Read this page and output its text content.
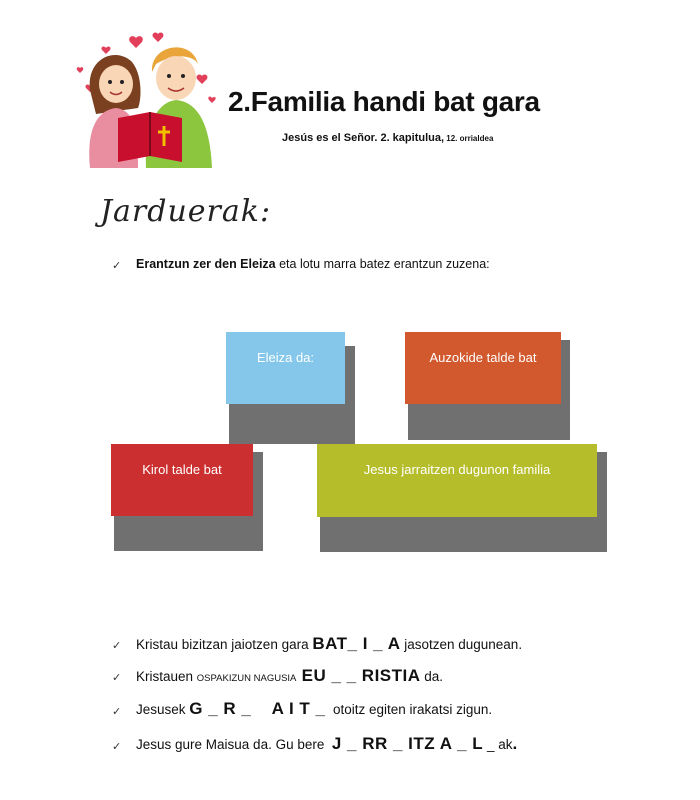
2.Familia handi bat gara
Jesús es el Señor. 2. kapitulua, 12. orrialdea
Jarduerak:
✓ Erantzun zer den Eleiza eta lotu marra batez erantzun zuzena:
Eleiza da:	Auzokide talde bat
Kirol talde bat	Jesus jarraitzen dugunon familia
✓ Kristau bizitzan jaiotzen gara BAT_ I _ A jasotzen dugunean.
✓ Kristauen OSPAKIZUN NAGUSIA EU _ _ RISTIA da.
✓ Jesusek G _ R _    A I T _  otoitz egiten irakatsi zigun.
✓ Jesus gure Maisua da. Gu bere  J _ RR _ ITZ A _ L _ ak.
